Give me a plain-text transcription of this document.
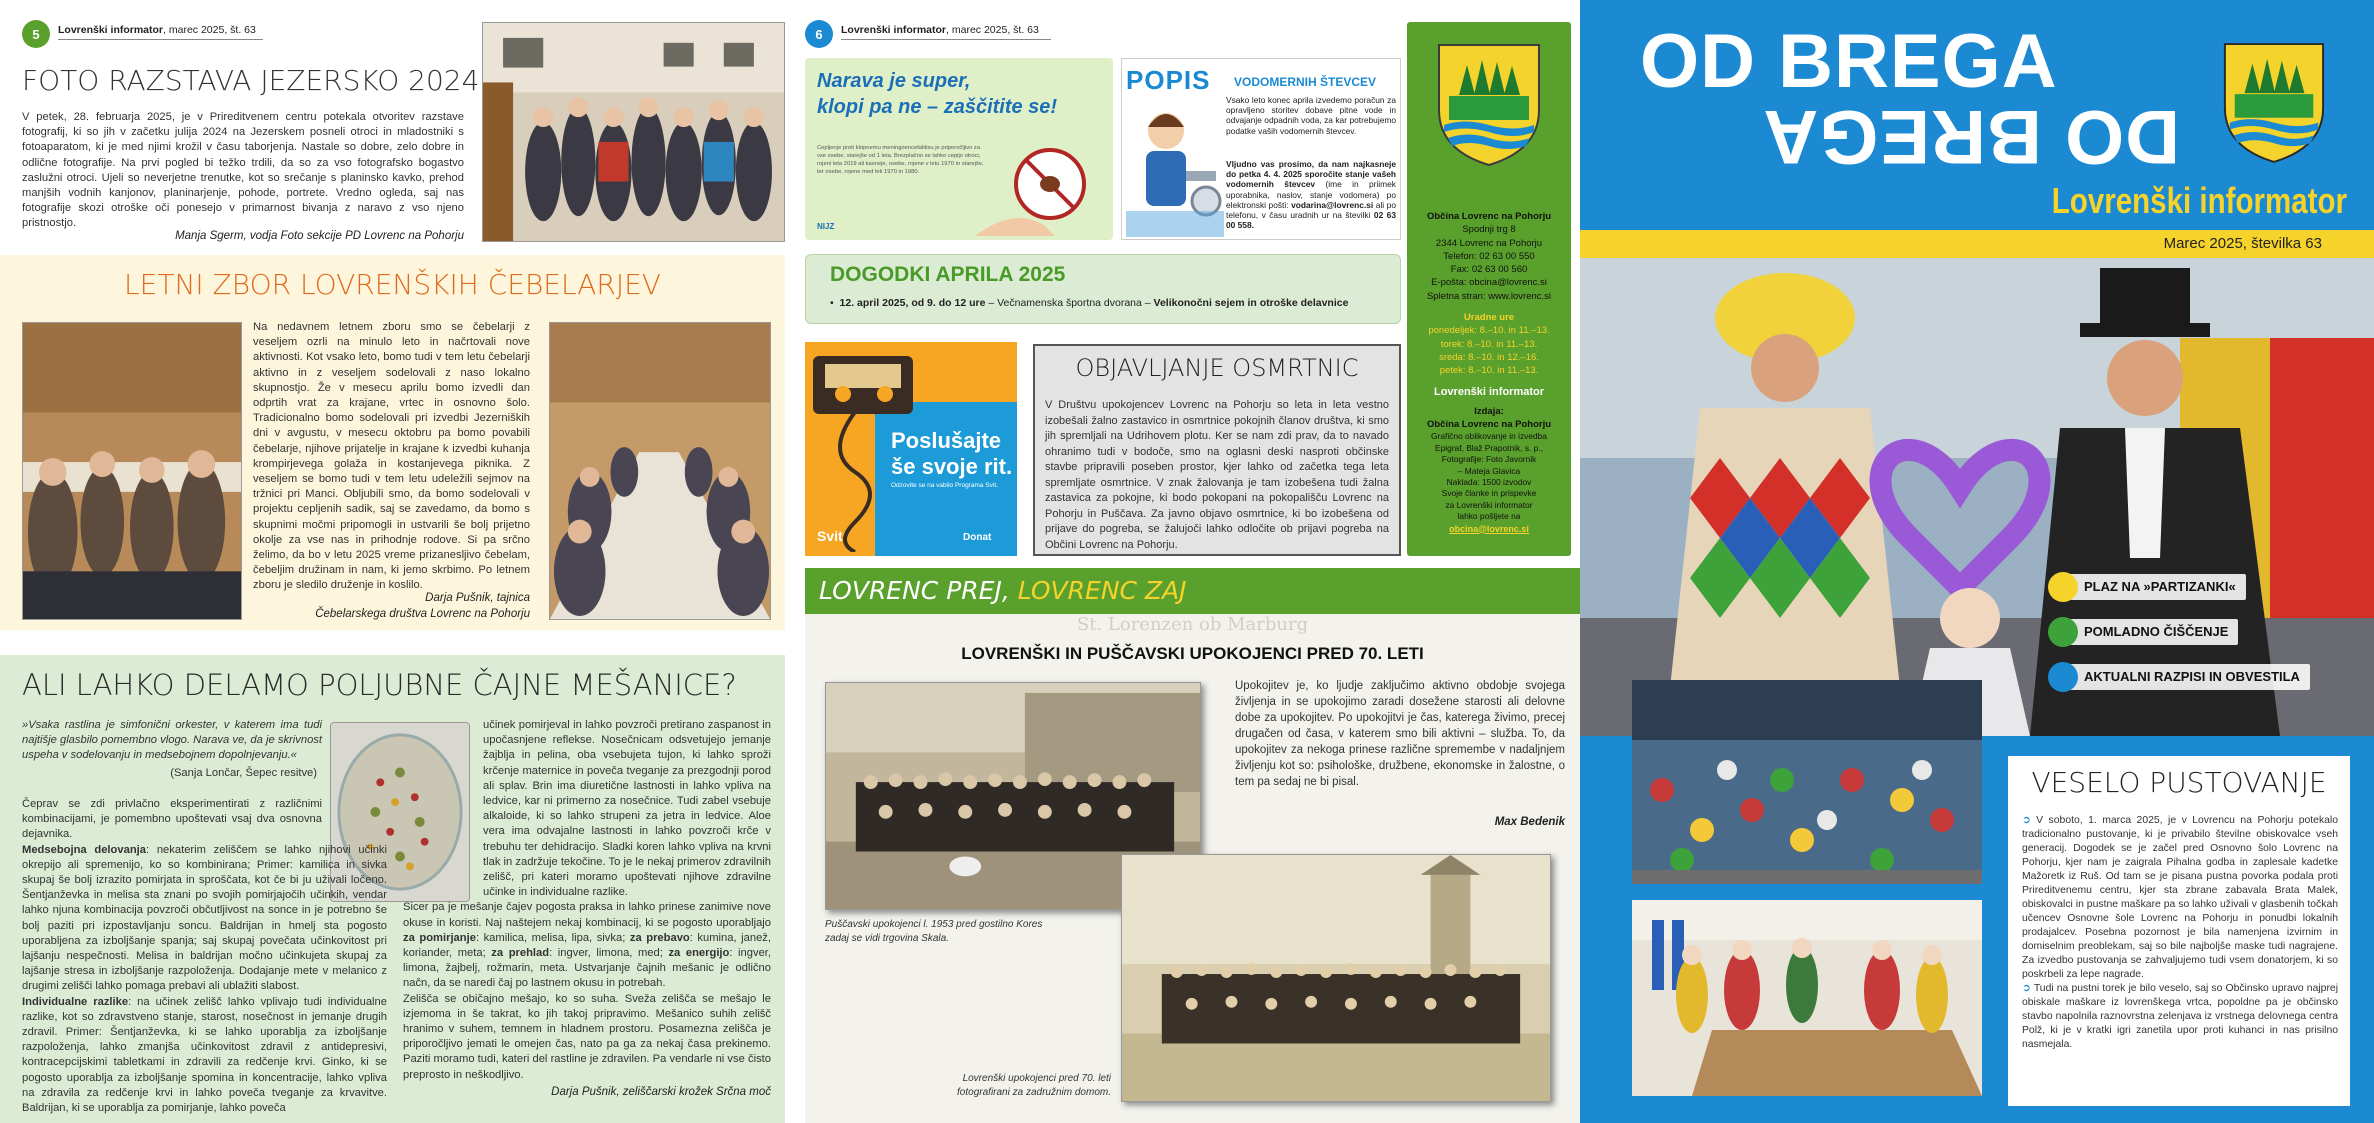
5	Lovrenški informator, marec 2025, št. 63
FOTO RAZSTAVA JEZERSKO 2024
V petek, 28. februarja 2025, je v Prireditvenem centru potekala otvoritev razstave fotografij, ki so jih v začetku julija 2024 na Jezerskem posneli otroci in mladostniki s fotoaparatom, ki je med njimi krožil v času taborjenja. Nastale so dobre, zelo dobre in odlične fotografije. Na prvi pogled bi težko trdili, da so za vso fotografsko bogastvo zaslužni otroci. Ujeli so neverjetne trenutke, kot so srečanje s planinsko kavko, prehod manjših vodnih kanjonov, planinarjenje, pohode, portrete. Vredno ogleda, saj nas fotografije skozi otroške oči ponesejo v primarnost bivanja z naravo z vso njeno pristnostjo.
Manja Sgerm, vodja Foto sekcije PD Lovrenc na Pohorju
LETNI ZBOR LOVRENŠKIH ČEBELARJEV
Na nedavnem letnem zboru smo se čebelarji z veseljem ozrli na minulo leto in načrtovali nove aktivnosti. Kot vsako leto, bomo tudi v tem letu čebelarji aktivno in z veseljem sodelovali z naso lokalno skupnostjo. Že v mesecu aprilu bomo izvedli dan odprtih vrat za krajane, vrtec in osnovno šolo. Tradicionalno bomo sodelovali pri izvedbi Jezerniških dni v avgustu, v mesecu oktobru pa bomo povabili čebelarje, njihove prijatelje in krajane k izvedbi kuhanja krompirjevega golaža in kostanjevega piknika. Z veseljem se bomo tudi v tem letu udeležili sejmov na tržnici pri Manci. Obljubili smo, da bomo sodelovali v projektu cepljenih sadik, saj se zavedamo, da bomo s skupnimi močmi pripomogli in ustvarili še bolj prijetno okolje za vse nas in prihodnje rodove. Si pa srčno želimo, da bo v letu 2025 vreme prizanesljivo čebelam, čebeljim družinam in nam, ki jemo skrbimo. Po letnem zboru je sledilo druženje in koslilo.
Darja Pušnik, tajnica
Čebelarskega društva Lovrenc na Pohorju
ALI LAHKO DELAMO POLJUBNE ČAJNE MEŠANICE?
»Vsaka rastlina je simfonični orkester, v katerem ima tudi najtišje glasbilo pomembno vlogo. Narava ve, da je skrivnost uspeha v sodelovanju in medsebojnem dopolnjevanju.«
(Sanja Lončar, Šepec resitve)
Čeprav se zdi privlačno eksperimentirati z različnimi kombinacijami, je pomembno upoštevati vsaj dva osnovna dejavnika.
Medsebojna delovanja: nekaterim zeliščem se lahko njihovi učinki okrepijo ali spremenijo, ko so kombinirana; Primer: kamilica in sivka skupaj še bolj izrazito pomirjata in sproščata, kot če bi ju uživali ločeno. Šentjanževka in melisa sta znani po svojih pomirjajočih učinkih, vendar lahko njuna kombinacija povzroči občutljivost na sonce in je potrebno še bolj paziti pri izpostavljanju soncu. Baldrijan in hmelj sta pogosto uporabljena za izboljšanje spanja; saj skupaj povečata učinkovitost pri lajšanju nespečnosti. Melisa in baldrijan močno učinkujeta skupaj za lajšanje stresa in izboljšanje razpoloženja. Dodajanje mete v melanico z drugimi zelišči lahko pomaga prebavi ali ublažiti slabost.
Individualne razlike: na učinek zelišč lahko vplivajo tudi individualne razlike, kot so zdravstveno stanje, starost, nosečnost in jemanje drugih zdravil. Primer: Šentjanževka, ki se lahko uporablja za izboljšanje razpoloženja, lahko zmanjša učinkovitost zdravil z antidepresivi, kontracepcijskimi tabletkami in zdravili za redčenje krvi. Ginko, ki se pogosto uporablja za izboljšanje spomina in koncentracije, lahko vpliva na zdravila za redčenje krvi in lahko poveča tveganje za krvavitve. Baldrijan, ki se uporablja za pomirjanje, lahko poveča
učinek pomirjeval in lahko povzroči pretirano zaspanost in upočasnjene reflekse. Nosečnicam odsvetujejo jemanje žajblja in pelina, oba vsebujeta tujon, ki lahko sproži krčenje maternice in poveča tveganje za prezgodnji porod ali splav. Brin ima diuretične lastnosti in lahko vpliva na ledvice, kar ni primerno za nosečnice. Tudi zabel vsebuje alkaloide, ki so lahko strupeni za jetra in ledvice. Aloe vera ima odvajalne lastnosti in lahko povzroči krče v trebuhu ter dehidracijo. Sladki koren lahko vpliva na krvni tlak in zadržuje tekočine. To je le nekaj primerov zdravilnih zelišč, pri kateri moramo upoštevati njihove zdravilne učinke in individualne razlike.
Sicer pa je mešanje čajev pogosta praksa in lahko prinese zanimive nove okuse in koristi. Naj naštejem nekaj kombinacij, ki se pogosto uporabljajo za pomirjanje: kamilica, melisa, lipa, sivka; za prebavo: kumina, janež, koriander, meta; za prehlad: ingver, limona, med; za energijo: ingver, limona, žajbelj, rožmarin, meta. Ustvarjanje čajnih mešanic je odlično načn, da se naredi čaj po lastnem okusu in potrebah.
Zelišča se običajno mešajo, ko so suha. Sveža zelišča se mešajo le izjemoma in še takrat, ko jih takoj pripravimo. Mešanico suhih zelišč hranimo v suhem, temnem in hladnem prostoru. Posamezna zelišča je priporočljivo jemati le omejen čas, nato pa ga za nekaj časa prekinemo. Paziti moramo tudi, kateri del rastline je zdravilen. Pa vendarle ni vse čisto preprosto in neškodljivo.
Darja Pušnik, zeliščarski krožek Srčna moč
6	Lovrenški informator, marec 2025, št. 63
Narava je super,
klopi pa ne – zaščitite se!
Cepljenje proti klopnemu meningoencefalitisu je priporočljivo za vse osebe, starejše od 1 leta. Brezplačno se lahko cepijo otroci, rojeni leta 2019 ali kasneje, osebe, rojene v letu 1970 in starejše, ter osebe, rojene med leti 1970 in 1980.
NIJZ
POPIS VODOMERNIH ŠTEVCEV
Vsako leto konec aprila izvedemo poračun za opravljeno storitev dobave pitne vode in odvajanje odpadnih voda, za kar potrebujemo podatke vaših vodomernih števcev.
Vljudno vas prosimo, da nam najkasneje do petka 4. 4. 2025 sporočite stanje vašeh vodomernih števcev (ime in priimek uporabnika, naslov, stanje vodomera) po elektronski pošti: vodarina@lovrenc.si ali po telefonu, v času uradnih ur na številki 02 63 00 558.
DOGODKI APRILA 2025
•  12. april 2025, od 9. do 12 ure – Večnamenska športna dvorana – Velikonočni sejem in otroške delavnice
Poslušajte
še svoje rit.
Odzovite se na vabilo Programa Svit.
Svit	Donat
OBJAVLJANJE OSMRTNIC
V Društvu upokojencev Lovrenc na Pohorju so leta in leta vestno izobešali žalno zastavico in osmrtnice pokojnih članov društva, ki smo jih spremljali na Udrihovem plotu. Ker se nam zdi prav, da to navado ohranimo tudi v bodoče, smo na oglasni deski nasproti občinske stavbe pripravili poseben prostor, kjer lahko od začetka tega leta spremljate osmrtnice. V znak žalovanja je tam izobešena tudi žalna zastavica za pokojne, ki bodo pokopani na pokopališču Lovrenc na Pohorju in Puščava. Za javno objavo osmrtnice, ki bo izobešena od prijave do pogreba, se žalujoči lahko odločite ob prijavi pogreba na Občini Lovrenc na Pohorju.
Občina Lovrenc na Pohorju
Spodnji trg 8
2344 Lovrenc na Pohorju
Telefon: 02 63 00 550
Fax: 02 63 00 560
E-pošta: obcina@lovrenc.si
Spletna stran: www.lovrenc.si
Uradne ure
ponedeljek: 8.–10. in 11.–13.
torek: 8.–10. in 11.–13.
sreda: 8.–10. in 12.–16.
petek: 8.–10. in 11.–13.
Lovrenški informator
Izdaja:
Občina Lovrenc na Pohorju
Grafično oblikovanje in izvedba
Epigraf, Blaž Prapotnik, s. p.,
Fotografije: Foto Javornik
– Mateja Glavica
Naklada: 1500 izvodov
Svoje članke in prispevke
za Lovrenški informator
lahko pošljete na
obcina@lovrenc.si
LOVRENC PREJ, LOVRENC ZAJ
St. Lorenzen ob Marburg
LOVRENŠKI IN PUŠČAVSKI UPOKOJENCI PRED 70. LETI
Puščavski upokojenci l. 1953 pred gostilno Kores zadaj se vidi trgovina Skala.
Upokojitev je, ko ljudje zaključimo aktivno obdobje svojega življenja in se upokojimo zaradi dosežene starosti ali delovne dobe za upokojitev. Po upokojitvi je čas, katerega živimo, precej drugačen od časa, v katerem smo bili aktivni – služba. To, da upokojitev za nekoga prinese različne spremembe v nadaljnjem življenju kot so: psihološke, družbene, ekonomske in žalostne, o tem pa sedaj ne bi pisal.
Max Bedenik
Lovrenški upokojenci pred 70. leti fotografirani za zadružnim domom.
OD BREGA
DO BREGA
Lovrenški informator
Marec 2025, številka 63
PLAZ NA »PARTIZANKI«
POMLADNO ČIŠČENJE
AKTUALNI RAZPISI IN OBVESTILA
VESELO PUSTOVANJE
➲ V soboto, 1. marca 2025, je v Lovrencu na Pohorju potekalo tradicionalno pustovanje, ki je privabilo številne obiskovalce vseh generacij. Dogodek se je začel pred Osnovno šolo Lovrenc na Pohorju, kjer nam je zaigrala Pihalna godba in zaplesale kadetke Mažoretk iz Ruš. Od tam se je pisana pustna povorka podala proti Prireditvenemu centru, kjer sta zbrane zabavala Brata Malek, obiskovalci in pustne maškare pa so lahko uživali v glasbenih točkah učencev Osnovne šole Lovrenc na Pohorju in ponudbi lokalnih prodajalcev. Posebna pozornost je bila namenjena izvirnim in domiselnim preoblekam, saj so bile najboljše maske tudi nagrajene. Za izvedbo pustovanja se zahvaljujemo tudi vsem donatorjem, ki so poskrbeli za lepe nagrade.
➲ Tudi na pustni torek je bilo veselo, saj so Občinsko upravo najprej obiskale maškare iz lovrenškega vrtca, popoldne pa je občinsko stavbo napolnila raznovrstna zelenjava iz vrstnega delovnega centra Polž, ki je v kratki igri zanetila upor proti kuhanci in nas prisilno nasmejala.
